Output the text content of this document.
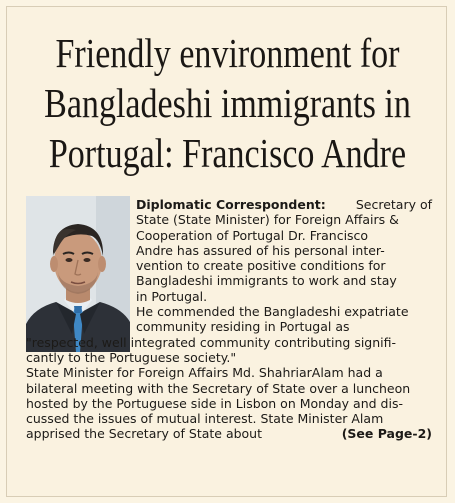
Friendly environment for
Bangladeshi immigrants in
Portugal: Francisco Andre
Diplomatic Correspondent: Secretary of
State (State Minister) for Foreign Affairs &
Cooperation of Portugal Dr. Francisco
Andre has assured of his personal inter-
vention to create positive conditions for
Bangladeshi immigrants to work and stay
in Portugal.
He commended the Bangladeshi expatriate
community residing in Portugal as
"respected, well integrated community contributing signifi-
cantly to the Portuguese society."
State Minister for Foreign Affairs Md. ShahriarAlam had a
bilateral meeting with the Secretary of State over a luncheon
hosted by the Portuguese side in Lisbon on Monday and dis-
cussed the issues of mutual interest. State Minister Alam
apprised the Secretary of State about	(See Page-2)
